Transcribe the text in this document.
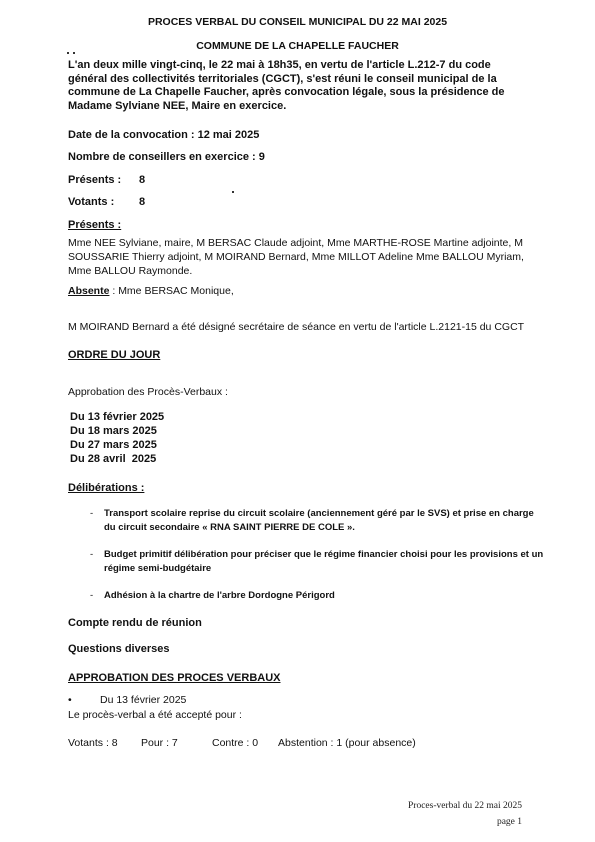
PROCES VERBAL DU CONSEIL MUNICIPAL DU 22 MAI 2025
COMMUNE DE LA CHAPELLE FAUCHER
L'an deux mille vingt-cinq, le 22 mai à 18h35, en vertu de l'article L.212-7 du code général des collectivités territoriales (CGCT), s'est réuni le conseil municipal de la commune de La Chapelle Faucher, après convocation légale, sous la présidence de Madame Sylviane NEE, Maire en exercice.
Date de la convocation : 12 mai 2025
Nombre de conseillers en exercice : 9
Présents : 8
Votants : 8
Présents :
Mme NEE Sylviane, maire, M BERSAC Claude adjoint, Mme MARTHE-ROSE Martine adjointe, M SOUSSARIE Thierry adjoint, M MOIRAND Bernard, Mme MILLOT Adeline Mme BALLOU Myriam, Mme BALLOU Raymonde.
Absente : Mme BERSAC Monique,
M MOIRAND Bernard a été désigné secrétaire de séance en vertu de l'article L.2121-15 du CGCT
ORDRE DU JOUR
Approbation des Procès-Verbaux :
Du 13 février 2025
Du 18 mars 2025
Du 27 mars 2025
Du 28 avril  2025
Délibérations :
- Transport scolaire reprise du circuit scolaire (anciennement géré par le SVS) et prise en charge du circuit secondaire « RNA SAINT PIERRE DE COLE ».
- Budget primitif délibération pour préciser que le régime financier choisi pour les provisions et un régime semi-budgétaire
- Adhésion à la chartre de l'arbre Dordogne Périgord
Compte rendu de réunion
Questions diverses
APPROBATION DES PROCES VERBAUX
•	Du 13 février 2025
Le procès-verbal a été accepté pour :
Votants : 8 Pour : 7	Contre : 0 Abstention : 1 (pour absence)
Proces-verbal du 22 mai 2025
page 1
